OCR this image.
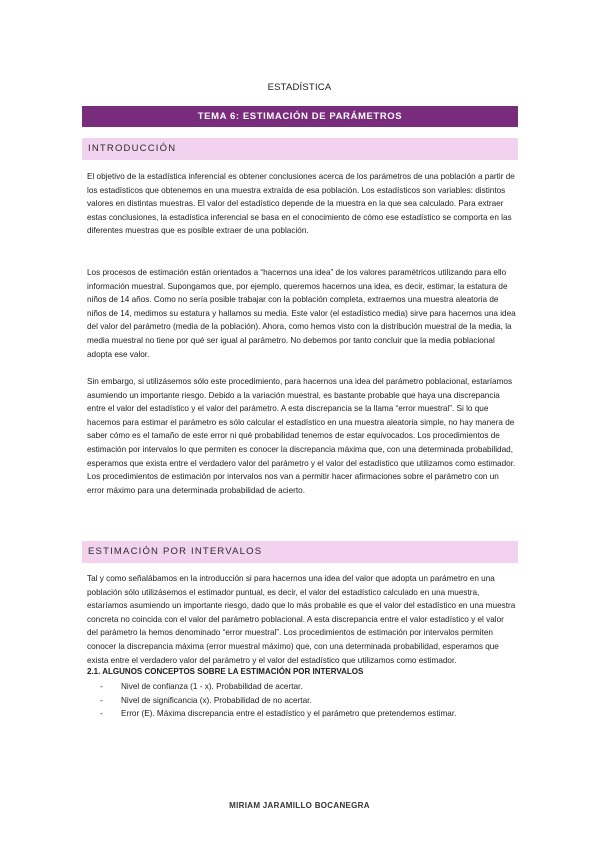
ESTADÍSTICA
TEMA 6: ESTIMACIÓN DE PARÁMETROS
INTRODUCCIÓN

El objetivo de la estadística inferencial es obtener conclusiones acerca de los parámetros de una población a partir de los estadísticos que obtenemos en una muestra extraída de esa población. Los estadísticos son variables: distintos valores en distintas muestras. El valor del estadístico depende de la muestra en la que sea calculado. Para extraer estas conclusiones, la estadística inferencial se basa en el conocimiento de cómo ese estadístico se comporta en las diferentes muestras que es posible extraer de una población.

Los procesos de estimación están orientados a “hacernos una idea” de los valores paramétricos utilizando para ello información muestral. Supongamos que, por ejemplo, queremos hacernos una idea, es decir, estimar, la estatura de niños de 14 años. Como no sería posible trabajar con la población completa, extraemos una muestra aleatoria de niños de 14, medimos su estatura y hallamos su media. Este valor (el estadístico media) sirve para hacernos una idea del valor del parámetro (media de la población). Ahora, como hemos visto con la distribución muestral de la media, la media muestral no tiene por qué ser igual al parámetro. No debemos por tanto concluir que la media poblacional adopta ese valor.

Sin embargo, si utilizásemos sólo este procedimiento, para hacernos una idea del parámetro poblacional, estaríamos asumiendo un importante riesgo. Debido a la variación muestral, es bastante probable que haya una discrepancia entre el valor del estadístico y el valor del parámetro. A esta discrepancia se la llama “error muestral”. Si lo que hacemos para estimar el parámetro es sólo calcular el estadístico en una muestra aleatoria simple, no hay manera de saber cómo es el tamaño de este error ni qué probabilidad tenemos de estar equivocados. Los procedimientos de estimación por intervalos lo que permiten es conocer la discrepancia máxima que, con una determinada probabilidad, esperamos que exista entre el verdadero valor del parámetro y el valor del estadístico que utilizamos como estimador. Los procedimientos de estimación por intervalos nos van a permitir hacer afirmaciones sobre el parámetro con un error máximo para una determinada probabilidad de acierto.

ESTIMACIÓN POR INTERVALOS

Tal y como señalábamos en la introducción si para hacernos una idea del valor que adopta un parámetro en una población sólo utilizásemos el estimador puntual, es decir, el valor del estadístico calculado en una muestra, estaríamos asumiendo un importante riesgo, dado que lo más probable es que el valor del estadístico en una muestra concreta no coincida con el valor del parámetro poblacional. A esta discrepancia entre el valor estadístico y el valor del parámetro la hemos denominado “error muestral”. Los procedimientos de estimación por intervalos permiten conocer la discrepancia máxima (error muestral máximo) que, con una determinada probabilidad, esperamos que exista entre el verdadero valor del parámetro y el valor del estadístico que utilizamos como estimador.

2.1. ALGUNOS CONCEPTOS SOBRE LA ESTIMACIÓN POR INTERVALOS
- Nivel de confianza (1 - x). Probabilidad de acertar.
- Nivel de significancia (x). Probabilidad de no acertar.
- Error (E). Máxima discrepancia entre el estadístico y el parámetro que pretendemos estimar.
MIRIAM JARAMILLO BOCANEGRA
